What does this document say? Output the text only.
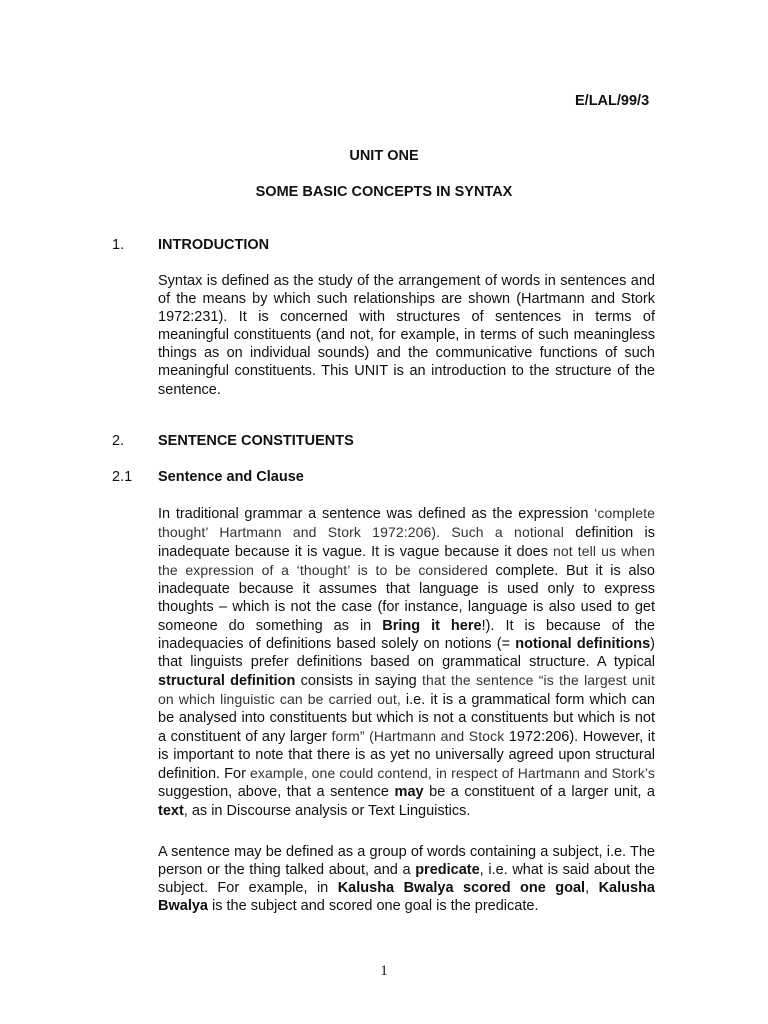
E/LAL/99/3
UNIT ONE
SOME BASIC CONCEPTS IN SYNTAX
1. INTRODUCTION
Syntax is defined as the study of the arrangement of words in sentences and of the means by which such relationships are shown (Hartmann and Stork 1972:231). It is concerned with structures of sentences in terms of meaningful constituents (and not, for example, in terms of such meaningless things as on individual sounds) and the communicative functions of such meaningful constituents. This UNIT is an introduction to the structure of the sentence.
2. SENTENCE CONSTITUENTS
2.1 Sentence and Clause
In traditional grammar a sentence was defined as the expression ‘complete thought’ Hartmann and Stork 1972:206). Such a notional definition is inadequate because it is vague. It is vague because it does not tell us when the expression of a ‘thought’ is to be considered complete. But it is also inadequate because it assumes that language is used only to express thoughts – which is not the case (for instance, language is also used to get someone do something as in Bring it here!). It is because of the inadequacies of definitions based solely on notions (= notional definitions) that linguists prefer definitions based on grammatical structure. A typical structural definition consists in saying that the sentence “is the largest unit on which linguistic can be carried out, i.e. it is a grammatical form which can be analysed into constituents but which is not a constituents but which is not a constituent of any larger form” (Hartmann and Stock 1972:206). However, it is important to note that there is as yet no universally agreed upon structural definition. For example, one could contend, in respect of Hartmann and Stork’s suggestion, above, that a sentence may be a constituent of a larger unit, a text, as in Discourse analysis or Text Linguistics.
A sentence may be defined as a group of words containing a subject, i.e. The person or the thing talked about, and a predicate, i.e. what is said about the subject. For example, in Kalusha Bwalya scored one goal, Kalusha Bwalya is the subject and scored one goal is the predicate.
1
